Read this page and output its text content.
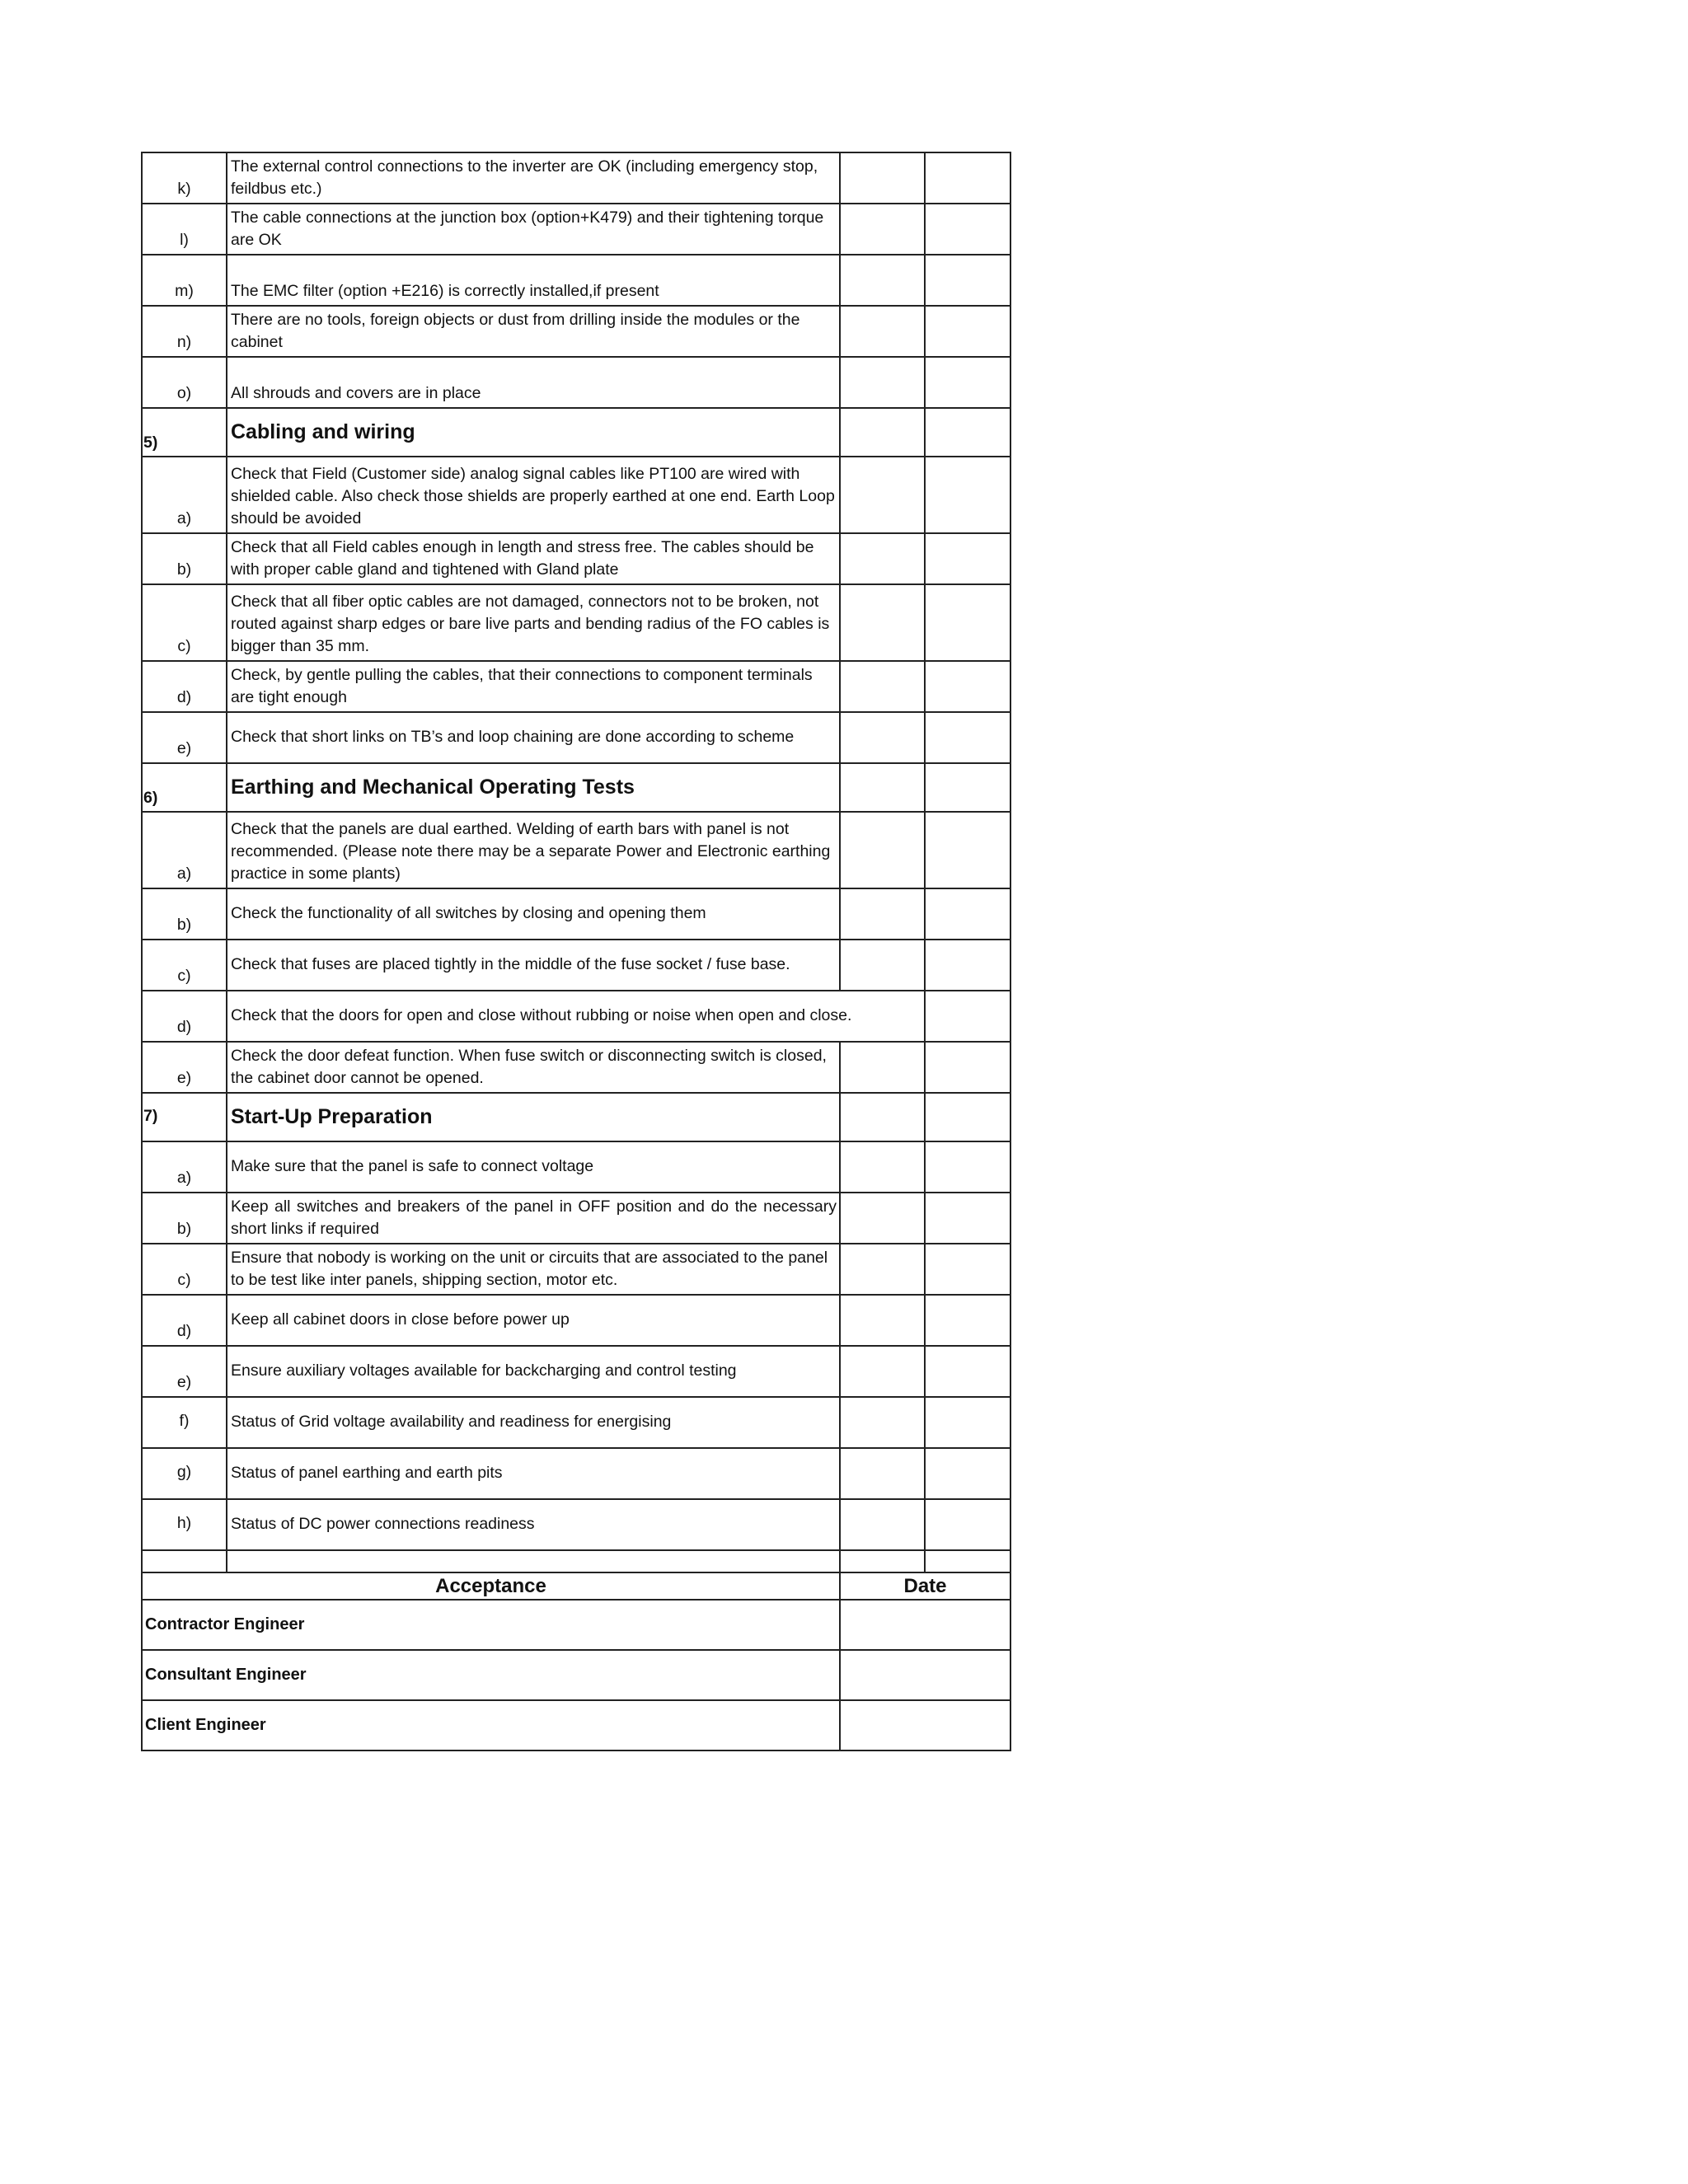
k)	The external control connections to the inverter are OK (including emergency stop, feildbus etc.)		
l)	The cable connections at the junction box (option+K479) and their tightening torque are OK		
m)	The EMC filter (option +E216) is correctly installed,if present		
n)	There are no tools, foreign objects or dust from drilling inside the modules or the cabinet		
o)	All shrouds and covers are in place		
5)	Cabling and wiring		
a)	Check that Field (Customer side) analog signal cables like PT100 are wired with shielded cable. Also check those shields are properly earthed at one end. Earth Loop should be avoided		
b)	Check that all Field cables enough in length and stress free. The cables should be with proper cable gland and tightened with Gland plate		
c)	Check that all fiber optic cables are not damaged, connectors not to be broken, not routed against sharp edges or bare live parts and bending radius of the FO cables is bigger than 35 mm.		
d)	Check, by gentle pulling the cables, that their connections to component terminals are tight enough		
e)	Check that short links on TB’s and loop chaining are done according to scheme		
6)	Earthing and Mechanical Operating Tests		
a)	Check that the panels are dual earthed. Welding of earth bars with panel is not recommended. (Please note there may be a separate Power and Electronic earthing practice in some plants)		
b)	Check the functionality of all switches by closing and opening them		
c)	Check that fuses are placed tightly in the middle of the fuse socket / fuse base.		
d)	Check that the doors for open and close without rubbing or noise when open and close.		
e)	Check the door defeat function. When fuse switch or disconnecting switch is closed, the cabinet door cannot be opened.		
7)	Start-Up Preparation		
a)	Make sure that the panel is safe to connect voltage		
b)	Keep all switches and breakers of the panel in OFF position and do the necessary short links if required		
c)	Ensure that nobody is working on the unit or circuits that are associated to the panel to be test like inter panels, shipping section, motor etc.		
d)	Keep all cabinet doors in close before power up		
e)	Ensure auxiliary voltages available for backcharging and control testing		
f)	Status of Grid voltage availability and readiness for energising		
g)	Status of panel earthing and earth pits		
h)	Status of DC power connections readiness		

Acceptance	Date
Contractor Engineer	
Consultant Engineer	
Client Engineer	
